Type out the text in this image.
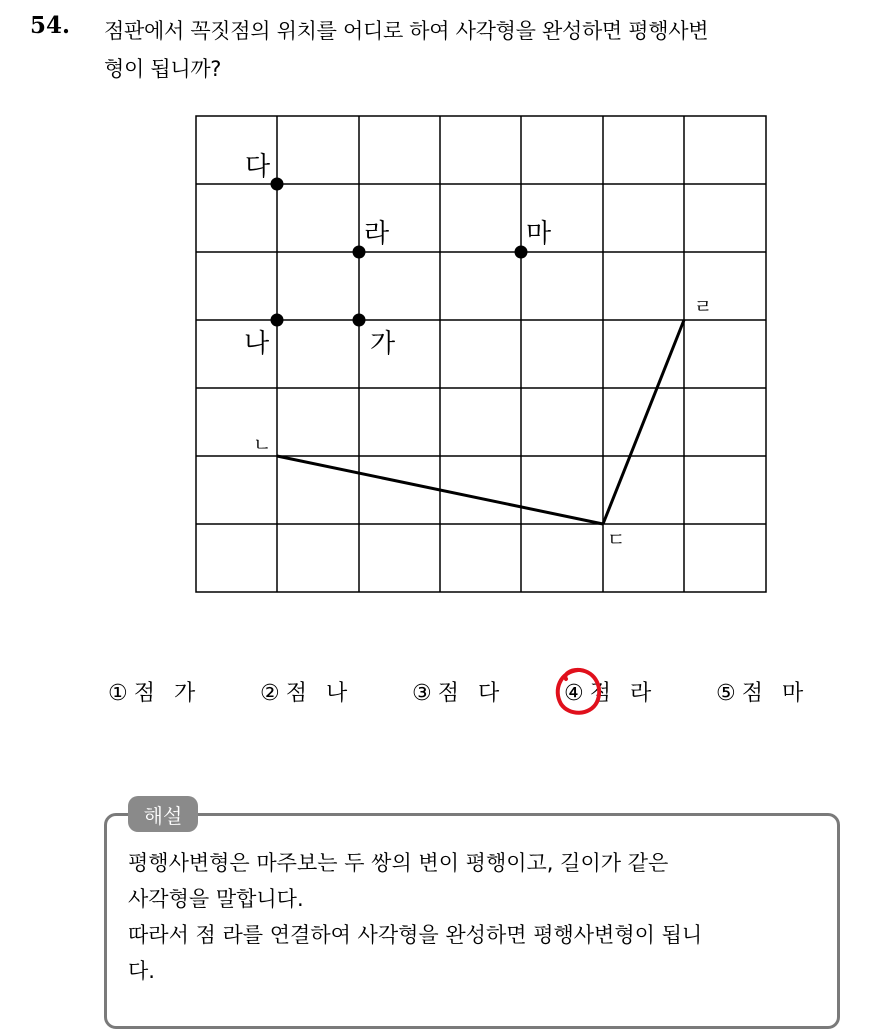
54. 점판에서 꼭짓점의 위치를 어디로 하여 사각형을 완성하면 평행사변
형이 됩니까?
다
라	마
나	가
ㄹ
ㄴ
ㄷ
① 점 가	② 점 나	③ 점 다	④ 점 라	⑤ 점 마
해설
평행사변형은 마주보는 두 쌍의 변이 평행이고, 길이가 같은
사각형을 말합니다.
따라서 점 라를 연결하여 사각형을 완성하면 평행사변형이 됩니
다.
